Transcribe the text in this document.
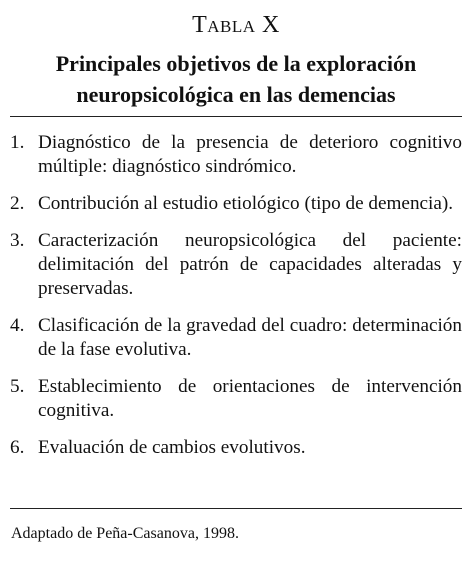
Tabla X
Principales objetivos de la exploración neuropsicológica en las demencias
1. Diagnóstico de la presencia de deterioro cognitivo múltiple: diagnóstico sindrómico.
2. Contribución al estudio etiológico (tipo de demencia).
3. Caracterización neuropsicológica del paciente: delimitación del patrón de capacidades alteradas y preservadas.
4. Clasificación de la gravedad del cuadro: determinación de la fase evolutiva.
5. Establecimiento de orientaciones de intervención cognitiva.
6. Evaluación de cambios evolutivos.
Adaptado de Peña-Casanova, 1998.
